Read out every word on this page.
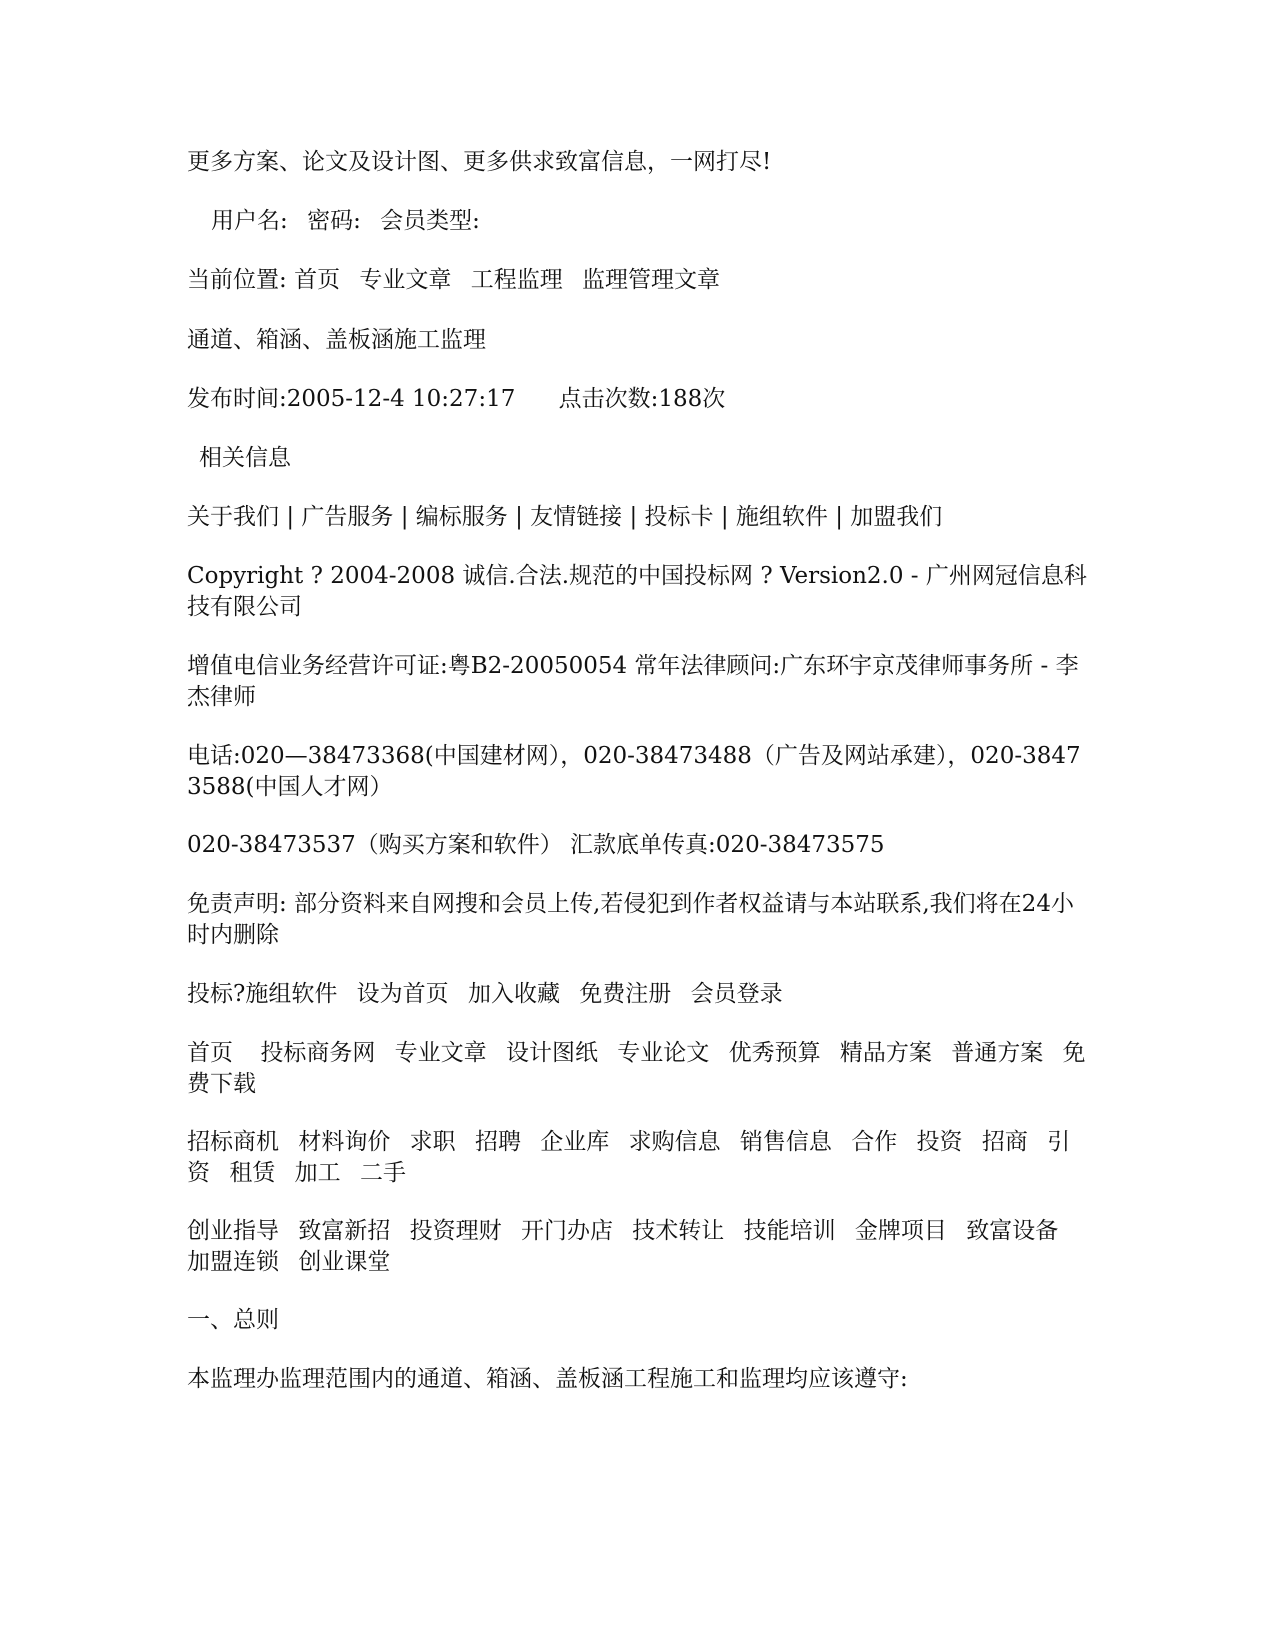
更多方案、论文及设计图、更多供求致富信息，一网打尽!

用户名: 密码: 会员类型:

当前位置: 首页 专业文章 工程监理 监理管理文章

通道、箱涵、盖板涵施工监理

发布时间:2005-12-4 10:27:17 点击次数:188次

相关信息

关于我们 | 广告服务 | 编标服务 | 友情链接 | 投标卡 | 施组软件 | 加盟我们

Copyright ? 2004-2008 诚信.合法.规范的中国投标网 ? Version2.0 - 广州网冠信息科技有限公司

增值电信业务经营许可证:粤B2-20050054 常年法律顾问:广东环宇京茂律师事务所 - 李杰律师

电话:020—38473368(中国建材网），020-38473488（广告及网站承建），020-38473588(中国人才网）

020-38473537（购买方案和软件） 汇款底单传真:020-38473575

免责声明: 部分资料来自网搜和会员上传,若侵犯到作者权益请与本站联系,我们将在24小时内删除

投标?施组软件 设为首页 加入收藏 免费注册 会员登录

首页 投标商务网 专业文章 设计图纸 专业论文 优秀预算 精品方案 普通方案 免费下载

招标商机 材料询价 求职 招聘 企业库 求购信息 销售信息 合作 投资 招商 引资 租赁 加工 二手

创业指导 致富新招 投资理财 开门办店 技术转让 技能培训 金牌项目 致富设备 加盟连锁 创业课堂

一、总则

本监理办监理范围内的通道、箱涵、盖板涵工程施工和监理均应该遵守:
